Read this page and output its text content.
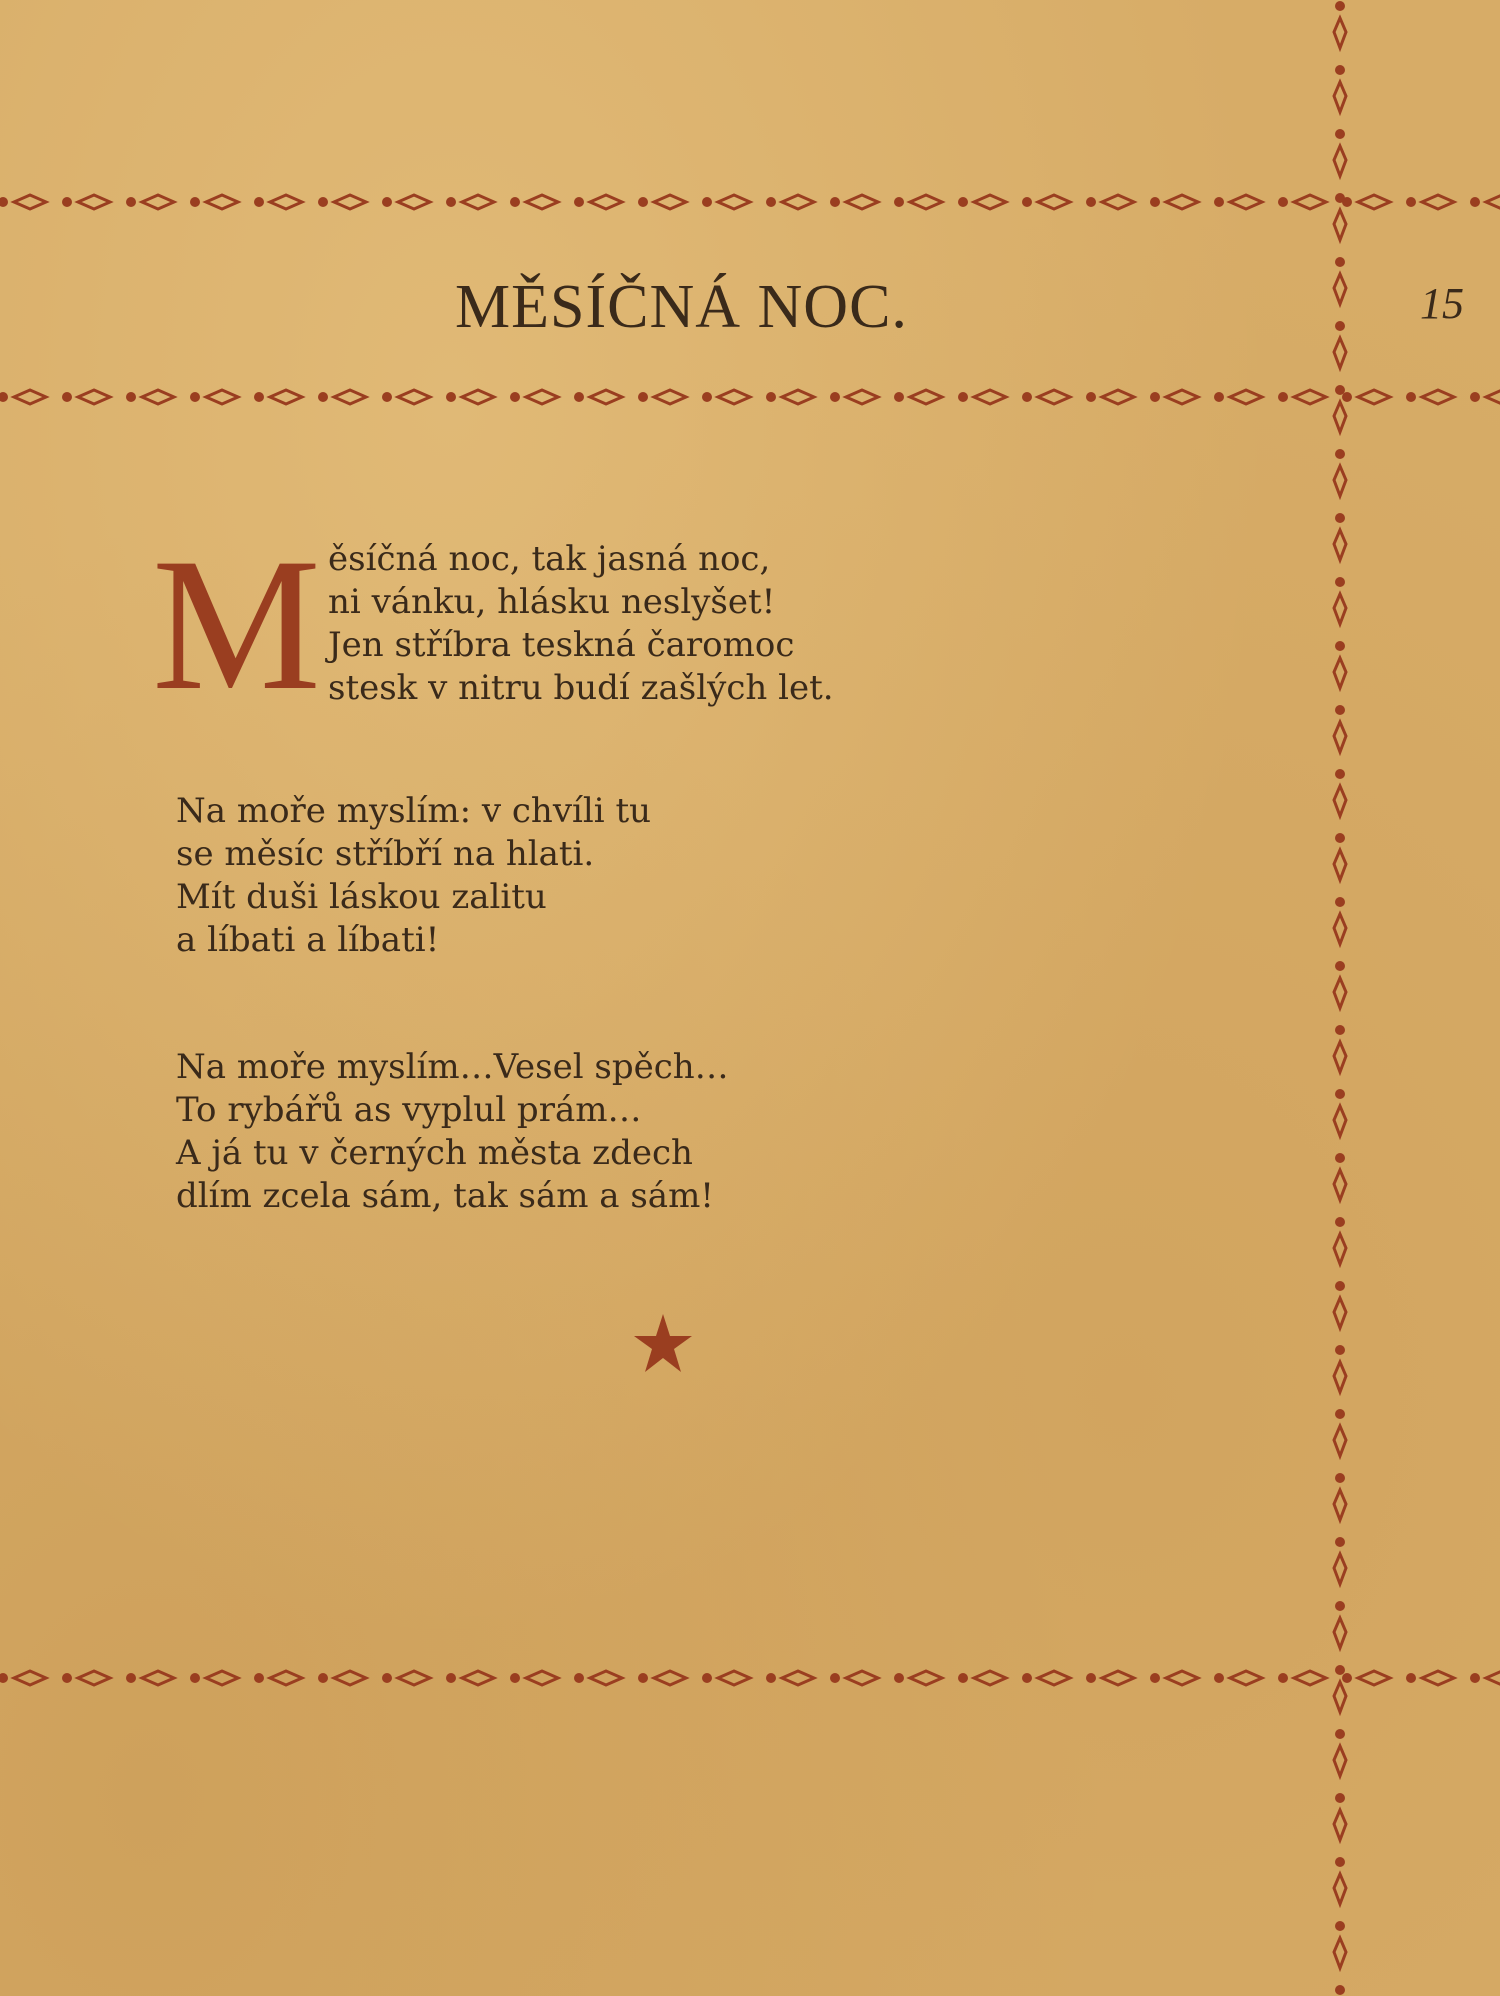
MĚSÍČNÁ NOC.	15
M ěsíčná noc, tak jasná noc,
ni vánku, hlásku neslyšet!
Jen stříbra teskná čaromoc
stesk v nitru budí zašlých let.
Na moře myslím: v chvíli tu
se měsíc stříbří na hlati.
Mít duši láskou zalitu
a líbati a líbati!
Na moře myslím…Vesel spěch…
To rybářů as vyplul prám…
A já tu v černých města zdech
dlím zcela sám, tak sám a sám!
